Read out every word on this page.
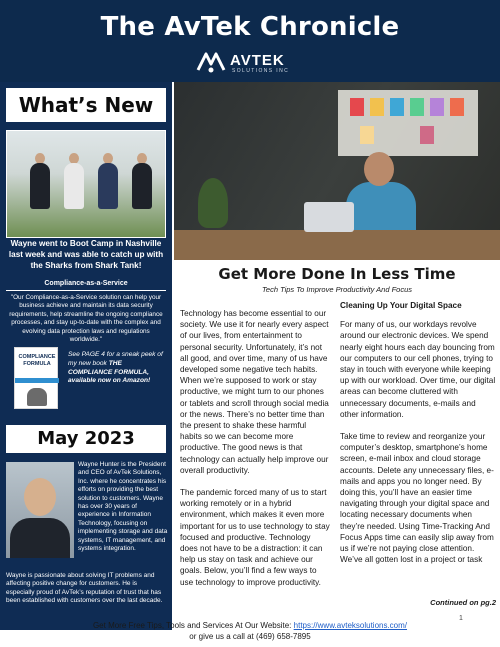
The AvTek Chronicle
AVTEK
SOLUTIONS INC
What’s New
Wayne went to Boot Camp in Nashville last week and was able to catch up with the Sharks from Shark Tank!
Compliance-as-a-Service
"Our Compliance-as-a-Service solution can help your business achieve and maintain its data security requirements, help streamline the ongoing compliance processes, and stay up-to-date with the complex and evolving data protection laws and regulations worldwide."
COMPLIANCE FORMULA
See PAGE 4 for a sneak peek of my new book THE COMPLIANCE FORMULA, available now on Amazon!
May 2023
Wayne Hunter is the President and CEO of AvTek Solutions, Inc. where he concentrates his efforts on providing the best solution to customers. Wayne has over 30 years of experience in Information Technology, focusing on implementing storage and data systems, IT management, and systems integration.
Wayne is passionate about solving IT problems and affecting positive change for customers. He is especially proud of AvTek’s reputation of trust that has been established with customers over the last decade.
Get More Done In Less Time
Tech Tips To Improve Productivity And Focus

Technology has become essential to our society. We use it for nearly every aspect of our lives, from entertainment to personal security. Unfortunately, it’s not all good, and over time, many of us have developed some negative tech habits. When we’re supposed to work or stay productive, we might turn to our phones or tablets and scroll through social media or the news. There’s no better time than the present to shake these harmful habits so we can become more productive. The good news is that technology can actually help improve our overall productivity.

The pandemic forced many of us to start working remotely or in a hybrid environment, which makes it even more important for us to use technology to stay focused and productive. Technology does not have to be a distraction: it can help us stay on task and achieve our goals. Below, you’ll find a few ways to use technology to improve productivity.

Cleaning Up Your Digital Space

For many of us, our workdays revolve around our electronic devices. We spend nearly eight hours each day bouncing from our computers to our cell phones, trying to stay in touch with everyone while keeping up with our workload. Over time, our digital areas can become cluttered with unnecessary documents, e-mails and other information.

Take time to review and reorganize your computer’s desktop, smartphone’s home screen, e-mail inbox and cloud storage accounts. Delete any unnecessary files, e-mails and apps you no longer need. By doing this, you’ll have an easier time navigating through your digital space and locating necessary documents when they’re needed. Using Time-Tracking And Focus Apps time can easily slip away from us if we’re not paying close attention. We’ve all gotten lost in a project or task

Continued on pg.2
1
Get More Free Tips, Tools and Services At Our Website: https://www.avteksolutions.com/
or give us a call at (469) 658-7895
